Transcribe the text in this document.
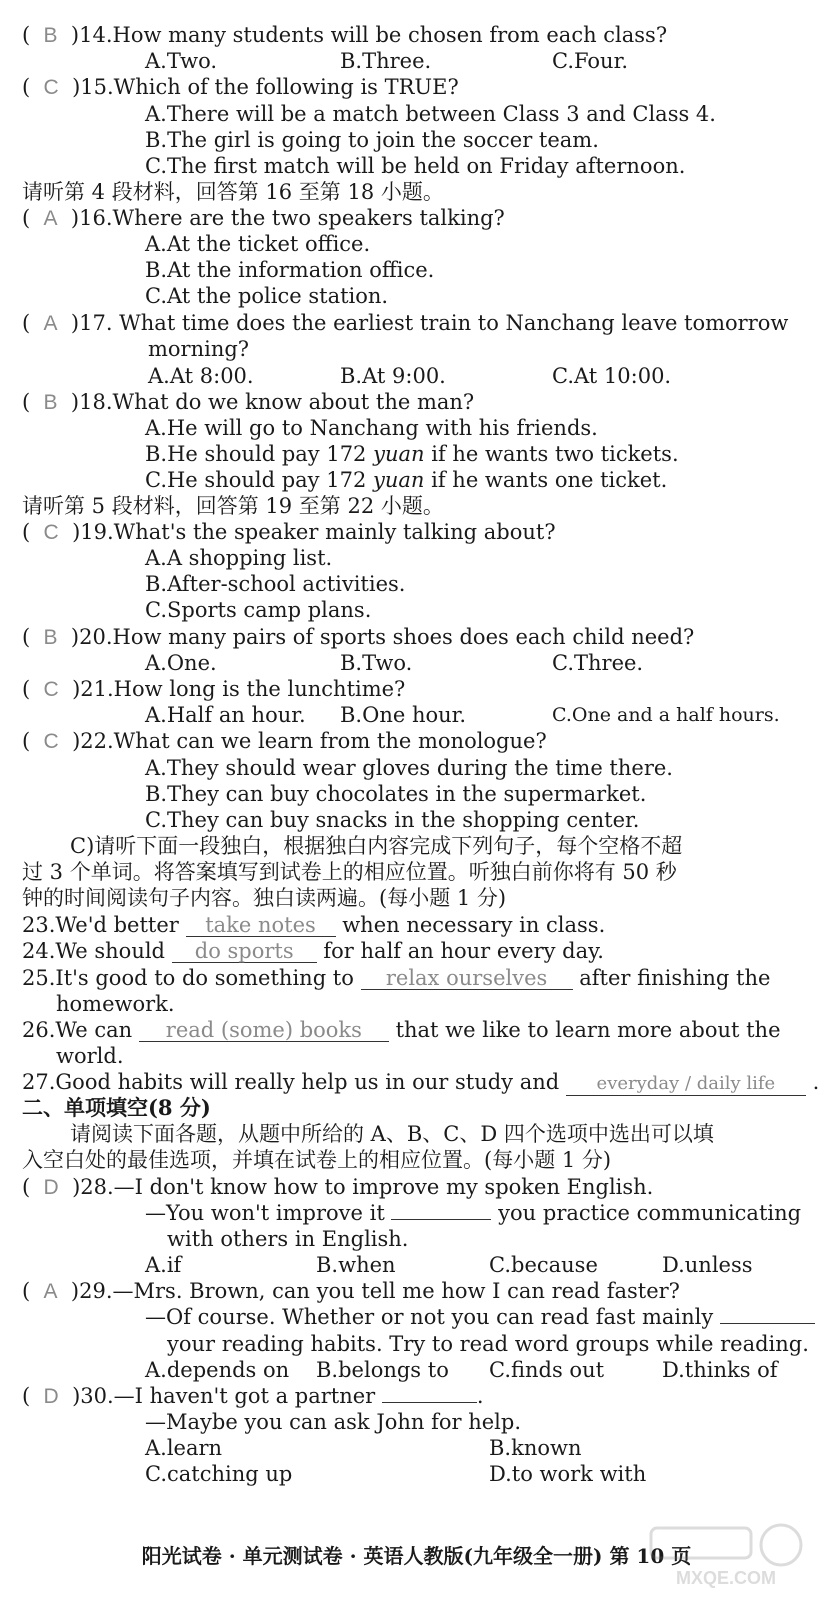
(  B )14.How many students will be chosen from each class?
A.Two.	B.Three.	C.Four.
(  C )15.Which of the following is TRUE?
A.There will be a match between Class 3 and Class 4.
B.The girl is going to join the soccer team.
C.The first match will be held on Friday afternoon.
请听第 4 段材料，回答第 16 至第 18 小题。
(  A )16.Where are the two speakers talking?
A.At the ticket office.
B.At the information office.
C.At the police station.
(  A )17. What time does the earliest train to Nanchang leave tomorrow
morning?
A.At 8:00.	B.At 9:00.	C.At 10:00.
(  B )18.What do we know about the man?
A.He will go to Nanchang with his friends.
B.He should pay 172 yuan if he wants two tickets.
C.He should pay 172 yuan if he wants one ticket.
请听第 5 段材料，回答第 19 至第 22 小题。
(  C )19.What's the speaker mainly talking about?
A.A shopping list.
B.After-school activities.
C.Sports camp plans.
(  B )20.How many pairs of sports shoes does each child need?
A.One.	B.Two.	C.Three.
(  C )21.How long is the lunchtime?
A.Half an hour. B.One hour.	C.One and a half hours.
(  C )22.What can we learn from the monologue?
A.They should wear gloves during the time there.
B.They can buy chocolates in the supermarket.
C.They can buy snacks in the shopping center.
C)请听下面一段独白，根据独白内容完成下列句子，每个空格不超
过 3 个单词。将答案填写到试卷上的相应位置。听独白前你将有 50 秒
钟的时间阅读句子内容。独白读两遍。(每小题 1 分)
23.We'd better take notes when necessary in class.
24.We should do sports for half an hour every day.
25.It's good to do something to relax ourselves after finishing the
homework.
26.We can read (some) books that we like to learn more about the
world.
27.Good habits will really help us in our study and everyday / daily life .
二、单项填空(8 分)
请阅读下面各题，从题中所给的 A、B、C、D 四个选项中选出可以填
入空白处的最佳选项，并填在试卷上的相应位置。(每小题 1 分)
(  D )28.—I don't know how to improve my spoken English.
—You won't improve it	you practice communicating
with others in English.
A.if	B.when	C.because	D.unless
(  A )29.—Mrs. Brown, can you tell me how I can read faster?
—Of course. Whether or not you can read fast mainly
your reading habits. Try to read word groups while reading.
A.depends on B.belongs to C.finds out	D.thinks of
(  D )30.—I haven't got a partner	.
—Maybe you can ask John for help.
A.learn	B.known
C.catching up	D.to work with
阳光试卷 · 单元测试卷 · 英语人教版(九年级全一册) 第 10 页
MXQE.COM
